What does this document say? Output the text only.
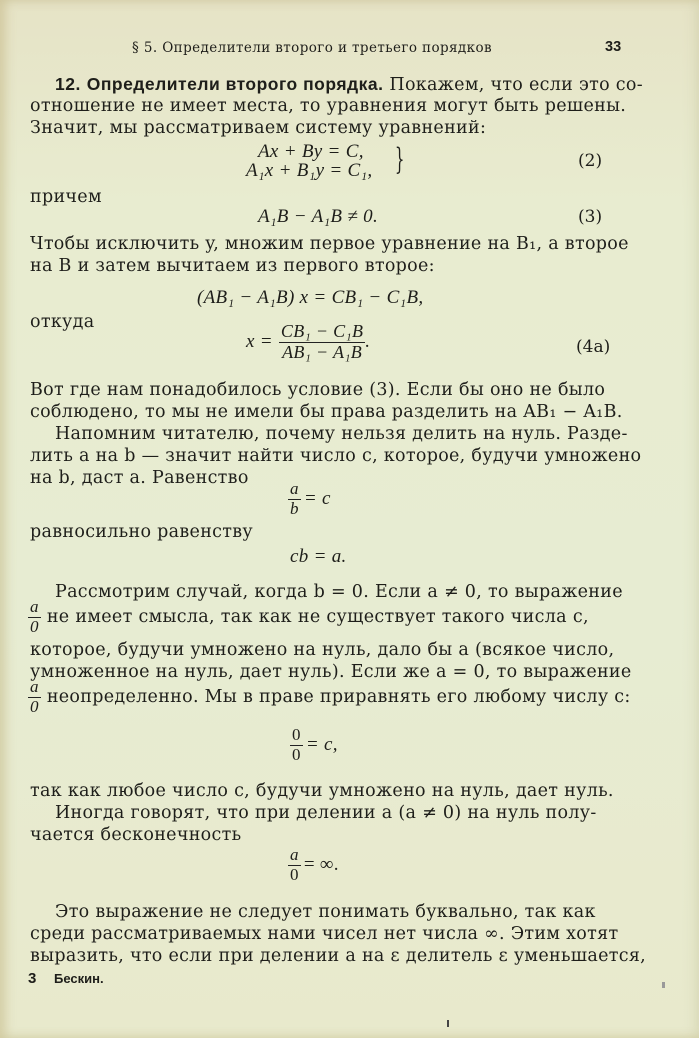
§ 5. Определители второго и третьего порядков	33
12. Определители второго порядка. Покажем, что если это со-
отношение не имеет места, то уравнения могут быть решены.
Значит, мы рассматриваем систему уравнений:
Ax + By = C,
A₁x + B₁y = C₁, }	(2)
причем
A₁B − A₁B ≠ 0.	(3)
Чтобы исключить y, множим первое уравнение на B₁, а второе
на B и затем вычитаем из первого второе:
(AB₁ − A₁B) x = CB₁ − C₁B,
откуда
$x = \frac{\text{CB₁ − C₁B}}{\text{AB₁ − A₁B}}$ .	(4a)
Вот где нам понадобилось условие (3). Если бы оно не было
соблюдено, то мы не имели бы права разделить на AB₁ − A₁B.
Напомним читателю, почему нельзя делить на нуль. Разде-
лить a на b — значит найти число c, которое, будучи умножено
на b, даст a. Равенство
$\frac{a}{b} = c$
равносильно равенству
cb = a.
Рассмотрим случай, когда b = 0. Если a ≠ 0, то выражение
$\frac{a}{0}$ не имеет смысла, так как не существует такого числа c,
которое, будучи умножено на нуль, дало бы a (всякое число,
умноженное на нуль, дает нуль). Если же a = 0, то выражение
$\frac{a}{0}$ неопределенно. Мы в праве приравнять его любому числу c:
$\frac{0}{0} = c$,
так как любое число c, будучи умножено на нуль, дает нуль.
Иногда говорят, что при делении a (a ≠ 0) на нуль полу-
чается бесконечность
$\frac{a}{0}$ = ∞.
Это выражение не следует понимать буквально, так как
среди рассматриваемых нами чисел нет числа ∞. Этим хотят
выразить, что если при делении a на ε делитель ε уменьшается,
3 Бескин.
